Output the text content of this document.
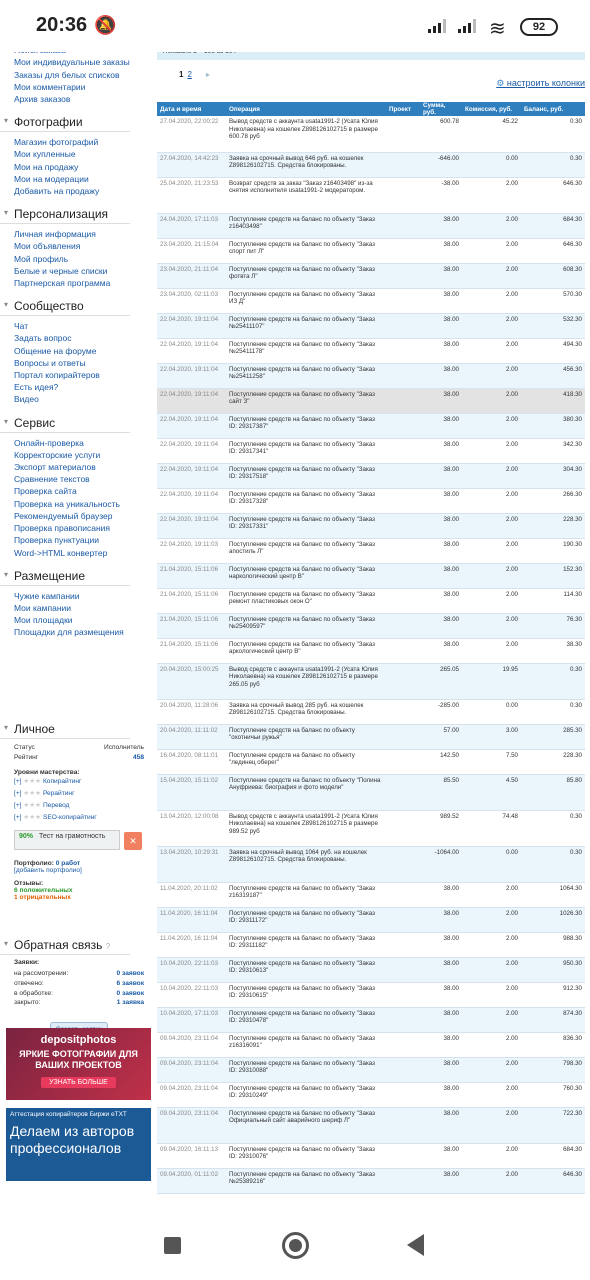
20:36 🔕	≋	92
Мои индивидуальные заказы
Заказы для белых списков
Мои комментарии
Архив заказов
▾ Фотографии
Магазин фотографий
Мои купленные
Мои на продажу
Мои на модерации
Добавить на продажу
▾ Персонализация
Личная информация
Мои объявления
Мой профиль
Белые и черные списки
Партнерская программа
▾ Сообщество
Чат
Задать вопрос
Общение на форуме
Вопросы и ответы
Портал копирайтеров
Есть идея?
Видео
▾ Сервис
Онлайн-проверка
Корректорские услуги
Экспорт материалов
Сравнение текстов
Проверка сайта
Проверка на уникальность
Рекомендуемый браузер
Проверка правописания
Проверка пунктуации
Word->HTML конвертер
▾ Размещение
Чужие кампании
Мои кампании
Мои площадки
Площадки для размещения
▾ Личное
Статус	Исполнитель
Рейтинг	458
Уровни мастерства:
[+] ★★★ Копирайтинг
[+] ★★★ Рерайтинг
[+] ★★★ Перевод
[+] ★★★ SEO-копирайтинг
90% Тест на грамотность	✕
Портфолио: 0 работ
[добавить портфолио]
Отзывы:
6 положительных
1 отрицательных
▾ Обратная связь ?
Заявки:
на рассмотрении:	0 заявок
отвечено:	6 заявок
в обработке:	0 заявок
закрыто:	1 заявка
depositphotos
ЯРКИЕ ФОТОГРАФИИ ДЛЯ ВАШИХ ПРОЕКТОВ
УЗНАТЬ БОЛЬШЕ
Аттестация копирайтеров Биржи eTXT
Делаем из авторов профессионалов
1 2 ▸
⚙ настроить колонки
Дата и время	Операция	Проект	Сумма, руб.	Комиссия, руб.	Баланс, руб.
27.04.2020, 22:00:22	Вывод средств с аккаунта usata1991-2 (Усата Юлия Николаевна) на кошелек Z898126102715 в размере 600.78 руб		600.78	45.22	0.30
27.04.2020, 14:42:23	Заявка на срочный вывод 646 руб. на кошелек Z898126102715. Средства блокированы.		-646.00	0.00	0.30
25.04.2020, 21:23:53	Возврат средств за заказ "Заказ z16403498" из-за снятия исполнителя usata1991-2 модератором.		-38.00	2.00	646.30
24.04.2020, 17:11:03	Поступление средств на баланс по объекту "Заказ z16403498"		38.00	2.00	684.30
23.04.2020, 21:15:04	Поступление средств на баланс по объекту "Заказ спорт пит Л"		38.00	2.00	646.30
23.04.2020, 21:11:04	Поступление средств на баланс по объекту "Заказ фотвта Л"		38.00	2.00	608.30
23.04.2020, 02:11:03	Поступление средств на баланс по объекту "Заказ ИЗ Д"		38.00	2.00	570.30
22.04.2020, 19:11:04	Поступление средств на баланс по объекту "Заказ №25411107"		38.00	2.00	532.30
22.04.2020, 19:11:04	Поступление средств на баланс по объекту "Заказ №25411178"		38.00	2.00	494.30
22.04.2020, 19:11:04	Поступление средств на баланс по объекту "Заказ №25411258"		38.00	2.00	456.30
22.04.2020, 19:11:04	Поступление средств на баланс по объекту "Заказ сайт З"		38.00	2.00	418.30
22.04.2020, 19:11:04	Поступление средств на баланс по объекту "Заказ ID: 29317387"		38.00	2.00	380.30
22.04.2020, 19:11:04	Поступление средств на баланс по объекту "Заказ ID: 29317341"		38.00	2.00	342.30
22.04.2020, 19:11:04	Поступление средств на баланс по объекту "Заказ ID: 29317518"		38.00	2.00	304.30
22.04.2020, 19:11:04	Поступление средств на баланс по объекту "Заказ ID: 29317328"		38.00	2.00	266.30
22.04.2020, 19:11:04	Поступление средств на баланс по объекту "Заказ ID: 29317331"		38.00	2.00	228.30
22.04.2020, 19:11:03	Поступление средств на баланс по объекту "Заказ апостиль Л"		38.00	2.00	190.30
21.04.2020, 15:11:06	Поступление средств на баланс по объекту "Заказ наркологический центр В"		38.00	2.00	152.30
21.04.2020, 15:11:06	Поступление средств на баланс по объекту "Заказ ремонт пластиковых окон О"		38.00	2.00	114.30
21.04.2020, 15:11:06	Поступление средств на баланс по объекту "Заказ №25409597"		38.00	2.00	76.30
21.04.2020, 15:11:06	Поступление средств на баланс по объекту "Заказ аркологический центр В"		38.00	2.00	38.30
20.04.2020, 15:00:25	Вывод средств с аккаунта usata1991-2 (Усата Юлия Николаевна) на кошелек Z898126102715 в размере 265.05 руб		265.05	19.95	0.30
20.04.2020, 11:28:06	Заявка на срочный вывод 285 руб. на кошелек Z898126102715. Средства блокированы.		-285.00	0.00	0.30
20.04.2020, 11:11:02	Поступление средств на баланс по объекту "охотничьи ружья"		57.00	3.00	285.30
16.04.2020, 08:11:01	Поступление средств на баланс по объекту "лединец оберег"		142.50	7.50	228.30
15.04.2020, 15:11:02	Поступление средств на баланс по объекту "Полина Ануфриева: биография и фото модели"		85.50	4.50	85.80
13.04.2020, 12:00:08	Вывод средств с аккаунта usata1991-2 (Усата Юлия Николаевна) на кошелек Z898126102715 в размере 989.52 руб		989.52	74.48	0.30
13.04.2020, 10:29:31	Заявка на срочный вывод 1064 руб. на кошелек Z898126102715. Средства блокированы.		-1064.00	0.00	0.30
11.04.2020, 20:11:02	Поступление средств на баланс по объекту "Заказ z16319187"		38.00	2.00	1064.30
11.04.2020, 16:11:04	Поступление средств на баланс по объекту "Заказ ID: 29311172"		38.00	2.00	1026.30
11.04.2020, 16:11:04	Поступление средств на баланс по объекту "Заказ ID: 29311182"		38.00	2.00	988.30
10.04.2020, 22:11:03	Поступление средств на баланс по объекту "Заказ ID: 29310613"		38.00	2.00	950.30
10.04.2020, 22:11:03	Поступление средств на баланс по объекту "Заказ ID: 29310615"		38.00	2.00	912.30
10.04.2020, 17:11:03	Поступление средств на баланс по объекту "Заказ ID: 29310478"		38.00	2.00	874.30
09.04.2020, 23:11:04	Поступление средств на баланс по объекту "Заказ z16316091"		38.00	2.00	836.30
09.04.2020, 23:11:04	Поступление средств на баланс по объекту "Заказ ID: 29310088"		38.00	2.00	798.30
09.04.2020, 23:11:04	Поступление средств на баланс по объекту "Заказ ID: 29310249"		38.00	2.00	760.30
09.04.2020, 23:11:04	Поступление средств на баланс по объекту "Заказ Официальный сайт аварийного шериф Л"		38.00	2.00	722.30
09.04.2020, 16:11:13	Поступление средств на баланс по объекту "Заказ ID: 29310076"		38.00	2.00	684.30
09.04.2020, 01:11:02	Поступление средств на баланс по объекту "Заказ №25389216"		38.00	2.00	646.30
